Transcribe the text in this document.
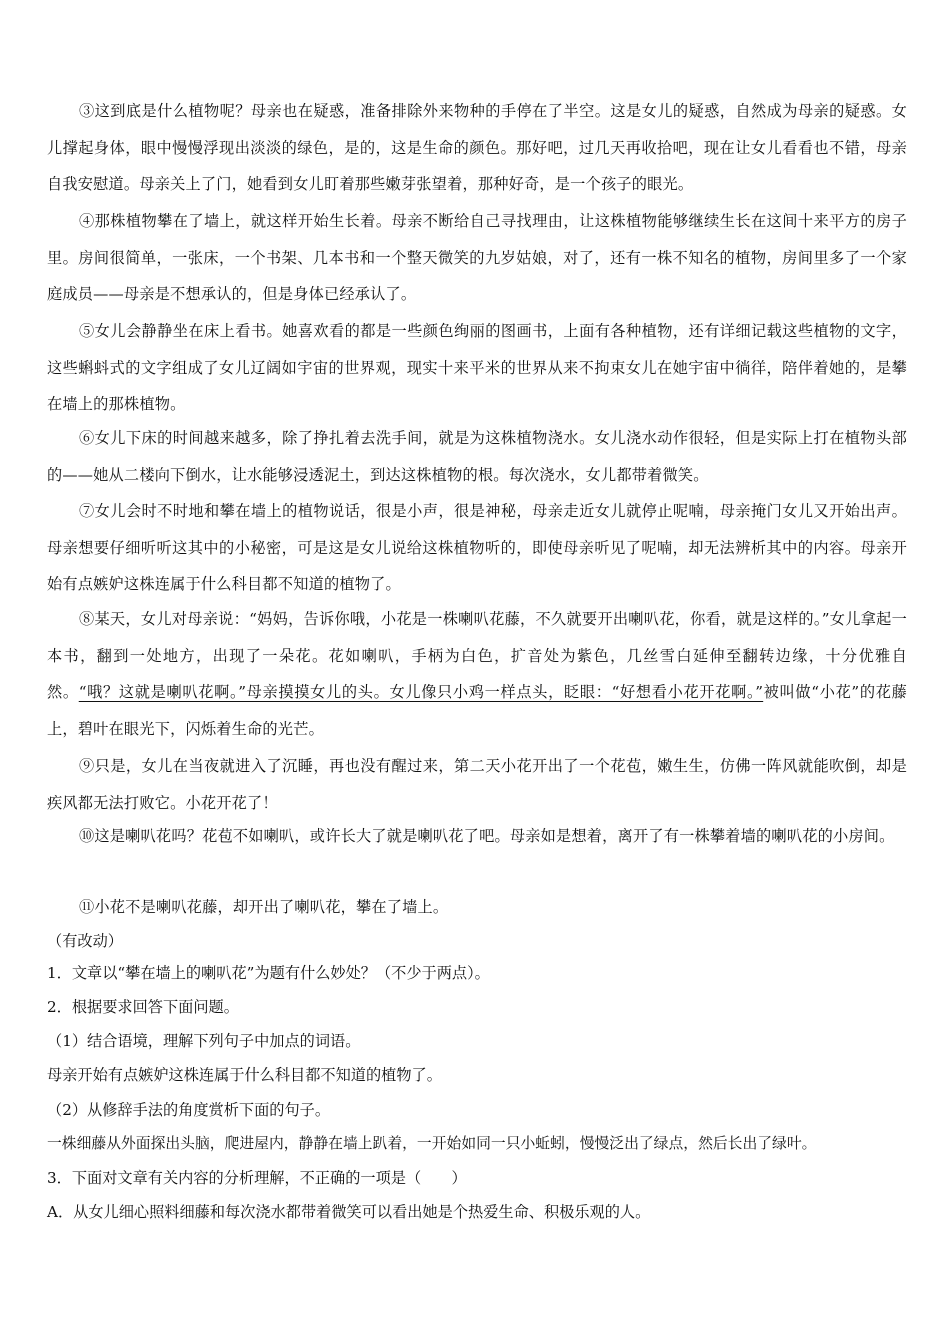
③这到底是什么植物呢？母亲也在疑惑，准备排除外来物种的手停在了半空。这是女儿的疑惑，自然成为母亲的疑惑。女儿撑起身体，眼中慢慢浮现出淡淡的绿色，是的，这是生命的颜色。那好吧，过几天再收拾吧，现在让女儿看看也不错，母亲自我安慰道。母亲关上了门，她看到女儿盯着那些嫩芽张望着，那种好奇，是一个孩子的眼光。

④那株植物攀在了墙上，就这样开始生长着。母亲不断给自己寻找理由，让这株植物能够继续生长在这间十来平方的房子里。房间很简单，一张床，一个书架、几本书和一个整天微笑的九岁姑娘，对了，还有一株不知名的植物，房间里多了一个家庭成员——母亲是不想承认的，但是身体已经承认了。

⑤女儿会静静坐在床上看书。她喜欢看的都是一些颜色绚丽的图画书，上面有各种植物，还有详细记载这些植物的文字，这些蝌蚪式的文字组成了女儿辽阔如宇宙的世界观，现实十来平米的世界从来不拘束女儿在她宇宙中徜徉，陪伴着她的，是攀在墙上的那株植物。

⑥女儿下床的时间越来越多，除了挣扎着去洗手间，就是为这株植物浇水。女儿浇水动作很轻，但是实际上打在植物头部的——她从二楼向下倒水，让水能够浸透泥土，到达这株植物的根。每次浇水，女儿都带着微笑。

⑦女儿会时不时地和攀在墙上的植物说话，很是小声，很是神秘，母亲走近女儿就停止呢喃，母亲掩门女儿又开始出声。母亲想要仔细听听这其中的小秘密，可是这是女儿说给这株植物听的，即使母亲听见了呢喃，却无法辨析其中的内容。母亲开始有点嫉妒这株连属于什么科目都不知道的植物了。

⑧某天，女儿对母亲说：“妈妈，告诉你哦，小花是一株喇叭花藤，不久就要开出喇叭花，你看，就是这样的。”女儿拿起一本书，翻到一处地方，出现了一朵花。花如喇叭，手柄为白色，扩音处为紫色，几丝雪白延伸至翻转边缘，十分优雅自然。“哦？这就是喇叭花啊。”母亲摸摸女儿的头。女儿像只小鸡一样点头，眨眼：“好想看小花开花啊。”被叫做“小花”的花藤上，碧叶在眼光下，闪烁着生命的光芒。

⑨只是，女儿在当夜就进入了沉睡，再也没有醒过来，第二天小花开出了一个花苞，嫩生生，仿佛一阵风就能吹倒，却是疾风都无法打败它。小花开花了！

⑩这是喇叭花吗？花苞不如喇叭，或许长大了就是喇叭花了吧。母亲如是想着，离开了有一株攀着墙的喇叭花的小房间。

⑪小花不是喇叭花藤，却开出了喇叭花，攀在了墙上。

（有改动）

1．文章以“攀在墙上的喇叭花”为题有什么妙处？（不少于两点）。

2．根据要求回答下面问题。

（1）结合语境，理解下列句子中加点的词语。

母亲开始有点嫉妒这株连属于什么科目都不知道的植物了。

（2）从修辞手法的角度赏析下面的句子。

一株细藤从外面探出头脑，爬进屋内，静静在墙上趴着，一开始如同一只小蚯蚓，慢慢泛出了绿点，然后长出了绿叶。

3．下面对文章有关内容的分析理解，不正确的一项是（　　）

A．从女儿细心照料细藤和每次浇水都带着微笑可以看出她是个热爱生命、积极乐观的人。
